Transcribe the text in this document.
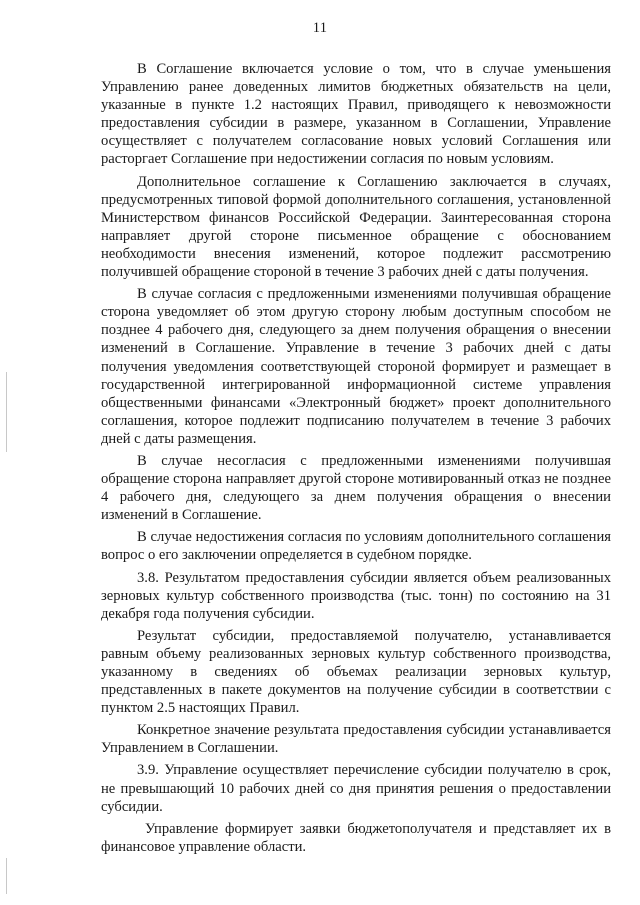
11

В Соглашение включается условие о том, что в случае уменьшения Управлению ранее доведенных лимитов бюджетных обязательств на цели, указанные в пункте 1.2 настоящих Правил, приводящего к невозможности предоставления субсидии в размере, указанном в Соглашении, Управление осуществляет с получателем согласование новых условий Соглашения или расторгает Соглашение при недостижении согласия по новым условиям.

Дополнительное соглашение к Соглашению заключается в случаях, предусмотренных типовой формой дополнительного соглашения, установленной Министерством финансов Российской Федерации. Заинтересованная сторона направляет другой стороне письменное обращение с обоснованием необходимости внесения изменений, которое подлежит рассмотрению получившей обращение стороной в течение 3 рабочих дней с даты получения.

В случае согласия с предложенными изменениями получившая обращение сторона уведомляет об этом другую сторону любым доступным способом не позднее 4 рабочего дня, следующего за днем получения обращения о внесении изменений в Соглашение. Управление в течение 3 рабочих дней с даты получения уведомления соответствующей стороной формирует и размещает в государственной интегрированной информационной системе управления общественными финансами «Электронный бюджет» проект дополнительного соглашения, которое подлежит подписанию получателем в течение 3 рабочих дней с даты размещения.

В случае несогласия с предложенными изменениями получившая обращение сторона направляет другой стороне мотивированный отказ не позднее 4 рабочего дня, следующего за днем получения обращения о внесении изменений в Соглашение.

В случае недостижения согласия по условиям дополнительного соглашения вопрос о его заключении определяется в судебном порядке.

3.8. Результатом предоставления субсидии является объем реализованных зерновых культур собственного производства (тыс. тонн) по состоянию на 31 декабря года получения субсидии.

Результат субсидии, предоставляемой получателю, устанавливается равным объему реализованных зерновых культур собственного производства, указанному в сведениях об объемах реализации зерновых культур, представленных в пакете документов на получение субсидии в соответствии с пунктом 2.5 настоящих Правил.

Конкретное значение результата предоставления субсидии устанавливается Управлением в Соглашении.

3.9. Управление осуществляет перечисление субсидии получателю в срок, не превышающий 10 рабочих дней со дня принятия решения о предоставлении субсидии.

Управление формирует заявки бюджетополучателя и представляет их в финансовое управление области.
